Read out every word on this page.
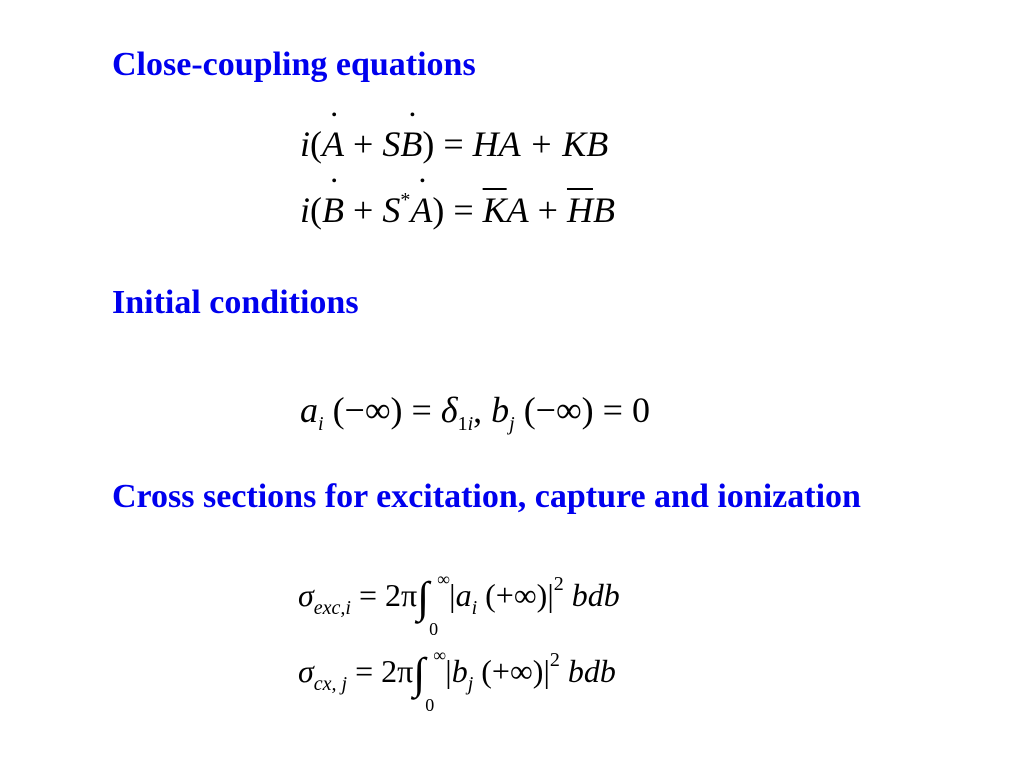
Close-coupling equations
i(• A + S• B) = HA + KB
i(• B + S*• $A) = \overline{K}A + \overline{H}B$
Initial conditions
$a_i$ (−∞) = $\delta_{1i}$, $b_j$ (−∞) = 0
Cross sections for excitation, capture and ionization
$\sigma_{exc,i} = 2\pi\int$ ∞
0
$|a_i$ $(+\infty)|^2$ bdb
$\sigma_{cx, j} = 2\pi\int$ ∞
0
$|b_j$ $(+\infty)|^2$ bdb
